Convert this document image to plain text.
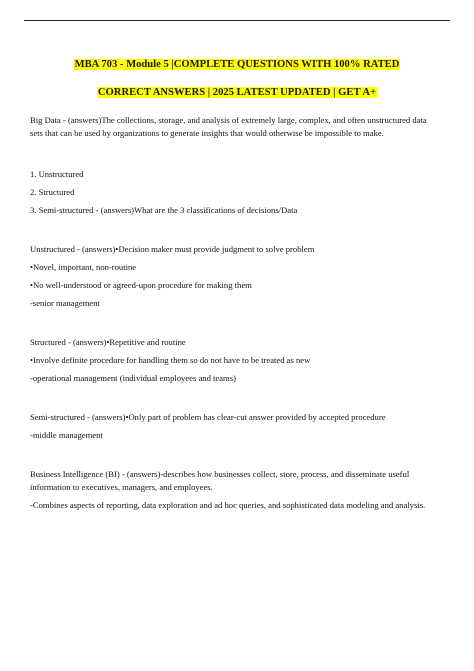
MBA 703 - Module 5 |COMPLETE QUESTIONS WITH 100% RATED
CORRECT ANSWERS | 2025 LATEST UPDATED | GET A+

Big Data - (answers)The collections, storage, and analysis of extremely large, complex, and often unstructured data sets that can be used by organizations to generate insights that would otherwise be impossible to make.

1. Unstructured

2. Structured

3. Semi-structured - (answers)What are the 3 classifications of decisions/Data

Unstructured - (answers)•Decision maker must provide judgment to solve problem

•Novel, important, non-routine

•No well-understood or agreed-upon procedure for making them

-senior management

Structured - (answers)•Repetitive and routine

•Involve definite procedure for handling them so do not have to be treated as new

-operational management (individual employees and teams)

Semi-structured - (answers)•Only part of problem has clear-cut answer provided by accepted procedure

-middle management

Business Intelligence (BI) - (answers)-describes how businesses collect, store, process, and disseminate useful information to executives, managers, and employees.

-Combines aspects of reporting, data exploration and ad hoc queries, and sophisticated data modeling and analysis.
